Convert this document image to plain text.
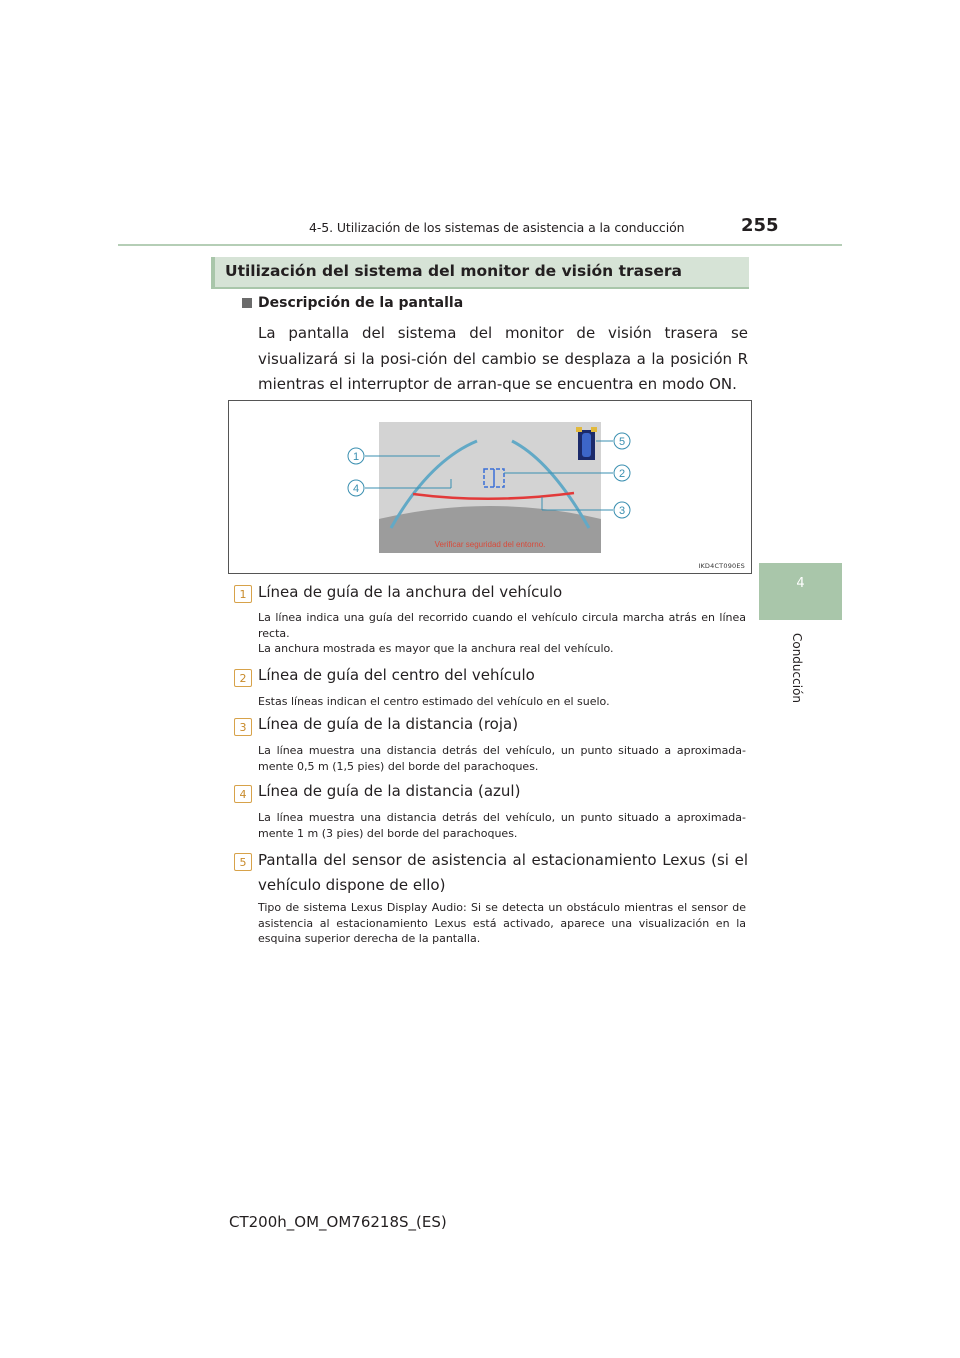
4-5. Utilización de los sistemas de asistencia a la conducción	255
4
Conducción
Utilización del sistema del monitor de visión trasera
Descripción de la pantalla
La pantalla del sistema del monitor de visión trasera se visualizará si la posi-ción del cambio se desplaza a la posición R mientras el interruptor de arran-que se encuentra en modo ON.
Verificar seguridad del entorno.
1
4
5
2
3
IKD4CT090ES
1 Línea de guía de la anchura del vehículo
La línea indica una guía del recorrido cuando el vehículo circula marcha atrás en línea recta.
La anchura mostrada es mayor que la anchura real del vehículo.
2 Línea de guía del centro del vehículo
Estas líneas indican el centro estimado del vehículo en el suelo.
3 Línea de guía de la distancia (roja)
La línea muestra una distancia detrás del vehículo, un punto situado a aproximada-mente 0,5 m (1,5 pies) del borde del parachoques.
4 Línea de guía de la distancia (azul)
La línea muestra una distancia detrás del vehículo, un punto situado a aproximada-mente 1 m (3 pies) del borde del parachoques.
5 Pantalla del sensor de asistencia al estacionamiento Lexus (si el vehículo dispone de ello)
Tipo de sistema Lexus Display Audio: Si se detecta un obstáculo mientras el sensor de asistencia al estacionamiento Lexus está activado, aparece una visualización en la esquina superior derecha de la pantalla.
CT200h_OM_OM76218S_(ES)
